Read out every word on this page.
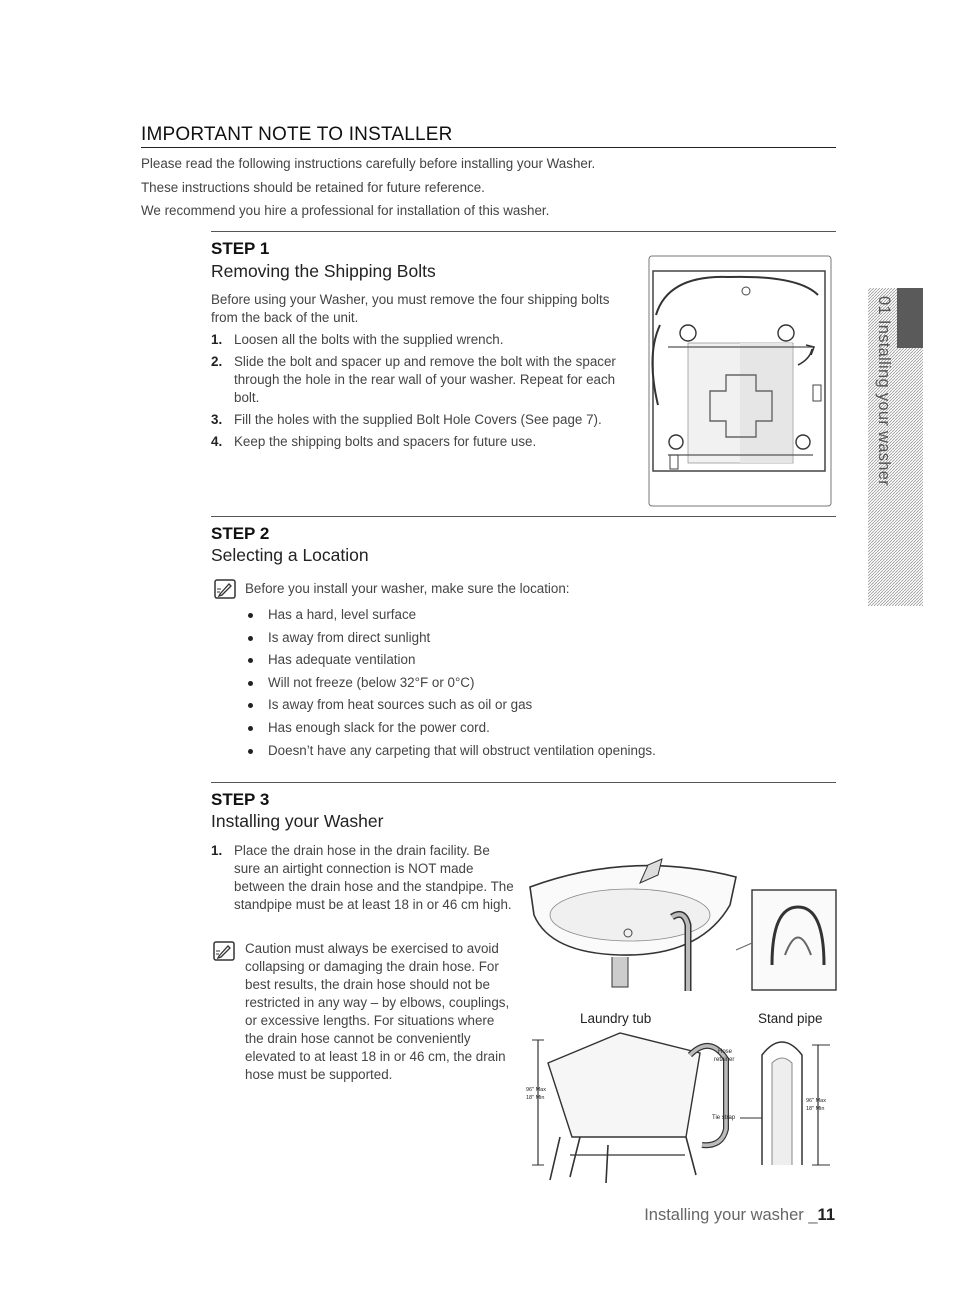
IMPORTANT NOTE TO INSTALLER
Please read the following instructions carefully before installing your Washer.
These instructions should be retained for future reference.
We recommend you hire a professional for installation of this washer.
STEP 1
Removing the Shipping Bolts
Before using your Washer, you must remove the four shipping bolts from the back of the unit.
1. Loosen all the bolts with the supplied wrench.
2. Slide the bolt and spacer up and remove the bolt with the spacer through the hole in the rear wall of your washer. Repeat for each bolt.
3. Fill the holes with the supplied Bolt Hole Covers (See page 7).
4. Keep the shipping bolts and spacers for future use.
STEP 2
Selecting a Location
Before you install your washer, make sure the location:
Has a hard, level surface
Is away from direct sunlight
Has adequate ventilation
Will not freeze (below 32°F or 0°C)
Is away from heat sources such as oil or gas
Has enough slack for the power cord.
Doesn’t have any carpeting that will obstruct ventilation openings.
STEP 3
Installing your Washer
1. Place the drain hose in the drain facility. Be sure an airtight connection is NOT made between the drain hose and the standpipe. The standpipe must be at least 18 in or 46 cm high.
Caution must always be exercised to avoid collapsing or damaging the drain hose. For best results, the drain hose should not be restricted in any way – by elbows, couplings, or excessive lengths. For situations where the drain hose cannot be conveniently elevated to at least 18 in or 46 cm, the drain hose must be supported.
Laundry tub	Stand pipe
96" Max
18" Min
Hose
retainer
Tie strap
96" Max
18" Min
01 Installing your washer
Installing your washer _11
